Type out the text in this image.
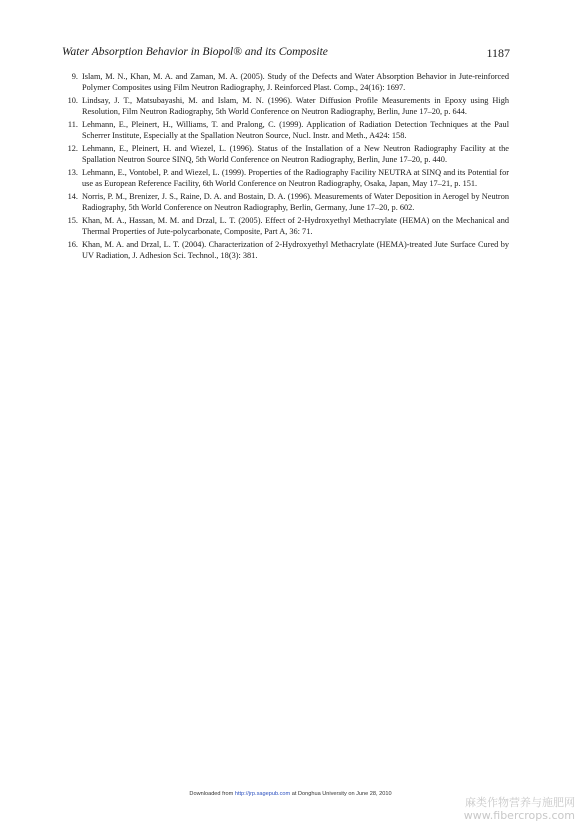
Water Absorption Behavior in Biopol® and its Composite	1187
9. Islam, M. N., Khan, M. A. and Zaman, M. A. (2005). Study of the Defects and Water Absorption Behavior in Jute-reinforced Polymer Composites using Film Neutron Radiography, J. Reinforced Plast. Comp., 24(16): 1697.
10. Lindsay, J. T., Matsubayashi, M. and Islam, M. N. (1996). Water Diffusion Profile Measurements in Epoxy using High Resolution, Film Neutron Radiography, 5th World Conference on Neutron Radiography, Berlin, June 17–20, p. 644.
11. Lehmann, E., Pleinert, H., Williams, T. and Pralong, C. (1999). Application of Radiation Detection Techniques at the Paul Scherrer Institute, Especially at the Spallation Neutron Source, Nucl. Instr. and Meth., A424: 158.
12. Lehmann, E., Pleinert, H. and Wiezel, L. (1996). Status of the Installation of a New Neutron Radiography Facility at the Spallation Neutron Source SINQ, 5th World Conference on Neutron Radiography, Berlin, June 17–20, p. 440.
13. Lehmann, E., Vontobel, P. and Wiezel, L. (1999). Properties of the Radiography Facility NEUTRA at SINQ and its Potential for use as European Reference Facility, 6th World Conference on Neutron Radiography, Osaka, Japan, May 17–21, p. 151.
14. Norris, P. M., Brenizer, J. S., Raine, D. A. and Bostain, D. A. (1996). Measurements of Water Deposition in Aerogel by Neutron Radiography, 5th World Conference on Neutron Radiography, Berlin, Germany, June 17–20, p. 602.
15. Khan, M. A., Hassan, M. M. and Drzal, L. T. (2005). Effect of 2-Hydroxyethyl Methacrylate (HEMA) on the Mechanical and Thermal Properties of Jute-polycarbonate, Composite, Part A, 36: 71.
16. Khan, M. A. and Drzal, L. T. (2004). Characterization of 2-Hydroxyethyl Methacrylate (HEMA)-treated Jute Surface Cured by UV Radiation, J. Adhesion Sci. Technol., 18(3): 381.
Downloaded from http://jrp.sagepub.com at Donghua University on June 28, 2010
麻类作物营养与施肥网
www.fibercrops.com
